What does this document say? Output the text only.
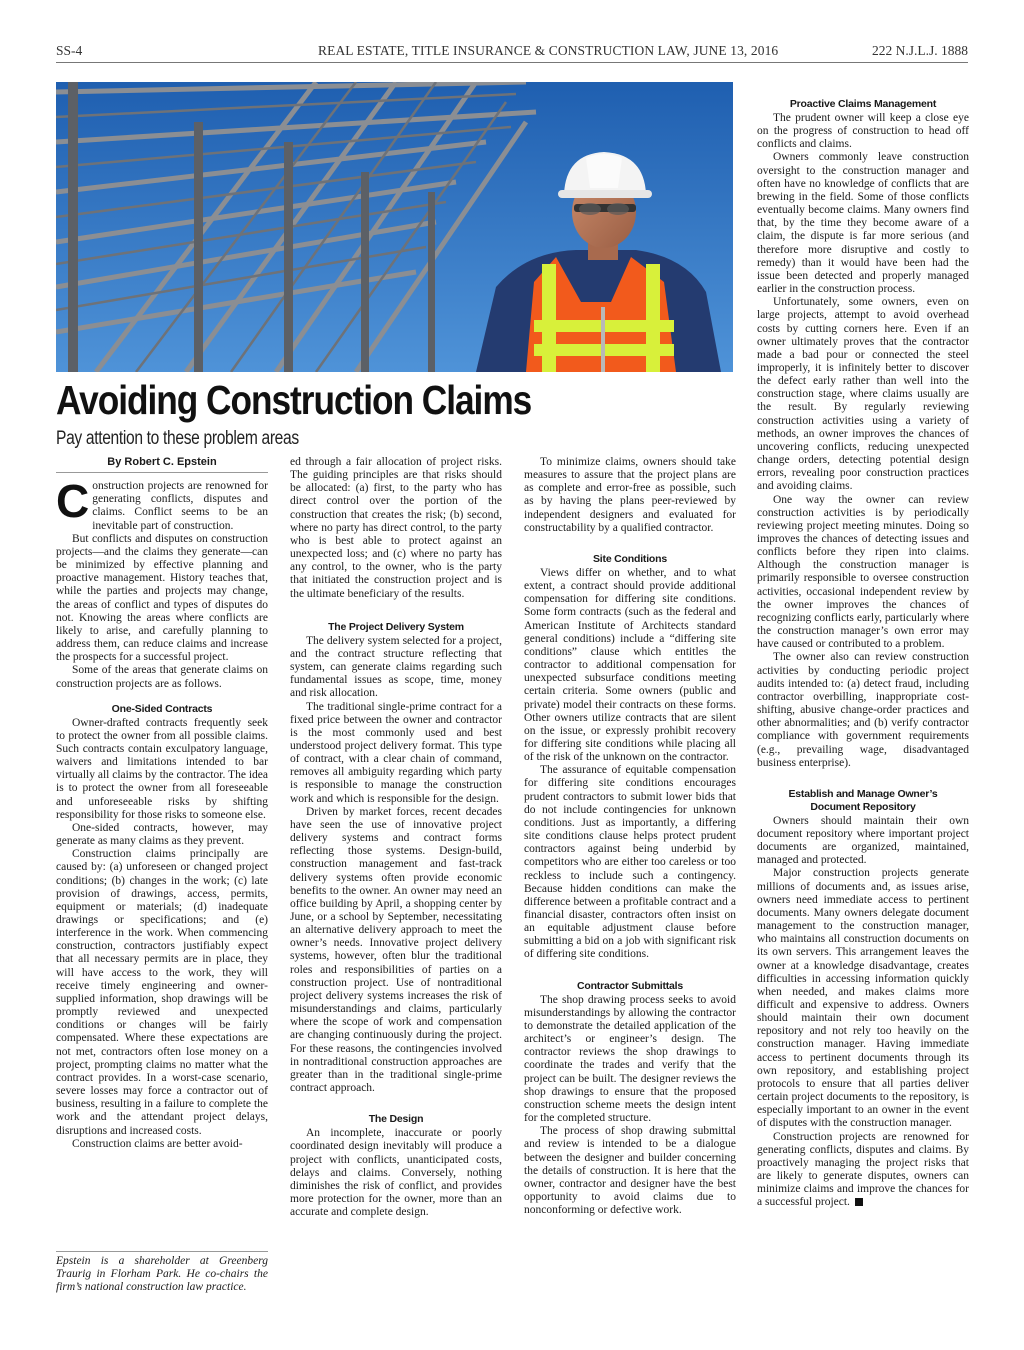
SS-4	REAL ESTATE, TITLE INSURANCE & CONSTRUCTION LAW, JUNE 13, 2016	222 N.J.L.J. 1888
Avoiding Construction Claims
Pay attention to these problem areas
By Robert C. Epstein

Construction projects are renowned for generating conflicts, disputes and claims. Conflict seems to be an inevitable part of construction.

But conflicts and disputes on construction projects—and the claims they generate—can be minimized by effective planning and proactive management. History teaches that, while the parties and projects may change, the areas of conflict and types of disputes do not. Knowing the areas where conflicts are likely to arise, and carefully planning to address them, can reduce claims and increase the prospects for a successful project.

Some of the areas that generate claims on construction projects are as follows.

One-Sided Contracts

Owner-drafted contracts frequently seek to protect the owner from all possible claims. Such contracts contain exculpatory language, waivers and limitations intended to bar virtually all claims by the contractor. The idea is to protect the owner from all foreseeable and unforeseeable risks by shifting responsibility for those risks to someone else.

One-sided contracts, however, may generate as many claims as they prevent.

Construction claims principally are caused by: (a) unforeseen or changed project conditions; (b) changes in the work; (c) late provision of drawings, access, permits, equipment or materials; (d) inadequate drawings or specifications; and (e) interference in the work. When commencing construction, contractors justifiably expect that all necessary permits are in place, they will have access to the work, they will receive timely engineering and owner-supplied information, shop drawings will be promptly reviewed and unexpected conditions or changes will be fairly compensated. Where these expectations are not met, contractors often lose money on a project, prompting claims no matter what the contract provides. In a worst-case scenario, severe losses may force a contractor out of business, resulting in a failure to complete the work and the attendant project delays, disruptions and increased costs.

Construction claims are better avoid-

Epstein is a shareholder at Greenberg Traurig in Florham Park. He co-chairs the firm’s national construction law practice.

ed through a fair allocation of project risks. The guiding principles are that risks should be allocated: (a) first, to the party who has direct control over the portion of the construction that creates the risk; (b) second, where no party has direct control, to the party who is best able to protect against an unexpected loss; and (c) where no party has any control, to the owner, who is the party that initiated the construction project and is the ultimate beneficiary of the results.

The Project Delivery System

The delivery system selected for a project, and the contract structure reflecting that system, can generate claims regarding such fundamental issues as scope, time, money and risk allocation.

The traditional single-prime contract for a fixed price between the owner and contractor is the most commonly used and best understood project delivery format. This type of contract, with a clear chain of command, removes all ambiguity regarding which party is responsible to manage the construction work and which is responsible for the design.

Driven by market forces, recent decades have seen the use of innovative project delivery systems and contract forms reflecting those systems. Design-build, construction management and fast-track delivery systems often provide economic benefits to the owner. An owner may need an office building by April, a shopping center by June, or a school by September, necessitating an alternative delivery approach to meet the owner’s needs. Innovative project delivery systems, however, often blur the traditional roles and responsibilities of parties on a construction project. Use of nontraditional project delivery systems increases the risk of misunderstandings and claims, particularly where the scope of work and compensation are changing continuously during the project. For these reasons, the contingencies involved in nontraditional construction approaches are greater than in the traditional single-prime contract approach.

The Design

An incomplete, inaccurate or poorly coordinated design inevitably will produce a project with conflicts, unanticipated costs, delays and claims. Conversely, nothing diminishes the risk of conflict, and provides more protection for the owner, more than an accurate and complete design.

To minimize claims, owners should take measures to assure that the project plans are as complete and error-free as possible, such as by having the plans peer-reviewed by independent designers and evaluated for constructability by a qualified contractor.

Site Conditions

Views differ on whether, and to what extent, a contract should provide additional compensation for differing site conditions. Some form contracts (such as the federal and American Institute of Architects standard general conditions) include a “differing site conditions” clause which entitles the contractor to additional compensation for unexpected subsurface conditions meeting certain criteria. Some owners (public and private) model their contracts on these forms. Other owners utilize contracts that are silent on the issue, or expressly prohibit recovery for differing site conditions while placing all of the risk of the unknown on the contractor.

The assurance of equitable compensation for differing site conditions encourages prudent contractors to submit lower bids that do not include contingencies for unknown conditions. Just as importantly, a differing site conditions clause helps protect prudent contractors against being underbid by competitors who are either too careless or too reckless to include such a contingency. Because hidden conditions can make the difference between a profitable contract and a financial disaster, contractors often insist on an equitable adjustment clause before submitting a bid on a job with significant risk of differing site conditions.

Contractor Submittals

The shop drawing process seeks to avoid misunderstandings by allowing the contractor to demonstrate the detailed application of the architect’s or engineer’s design. The contractor reviews the shop drawings to coordinate the trades and verify that the project can be built. The designer reviews the shop drawings to ensure that the proposed construction scheme meets the design intent for the completed structure.

The process of shop drawing submittal and review is intended to be a dialogue between the designer and builder concerning the details of construction. It is here that the owner, contractor and designer have the best opportunity to avoid claims due to nonconforming or defective work.

Proactive Claims Management

The prudent owner will keep a close eye on the progress of construction to head off conflicts and claims.

Owners commonly leave construction oversight to the construction manager and often have no knowledge of conflicts that are brewing in the field. Some of those conflicts eventually become claims. Many owners find that, by the time they become aware of a claim, the dispute is far more serious (and therefore more disruptive and costly to remedy) than it would have been had the issue been detected and properly managed earlier in the construction process.

Unfortunately, some owners, even on large projects, attempt to avoid overhead costs by cutting corners here. Even if an owner ultimately proves that the contractor made a bad pour or connected the steel improperly, it is infinitely better to discover the defect early rather than well into the construction stage, where claims usually are the result. By regularly reviewing construction activities using a variety of methods, an owner improves the chances of uncovering conflicts, reducing unexpected change orders, detecting potential design errors, revealing poor construction practices and avoiding claims.

One way the owner can review construction activities is by periodically reviewing project meeting minutes. Doing so improves the chances of detecting issues and conflicts before they ripen into claims. Although the construction manager is primarily responsible to oversee construction activities, occasional independent review by the owner improves the chances of recognizing conflicts early, particularly where the construction manager’s own error may have caused or contributed to a problem.

The owner also can review construction activities by conducting periodic project audits intended to: (a) detect fraud, including contractor overbilling, inappropriate cost-shifting, abusive change-order practices and other abnormalities; and (b) verify contractor compliance with government requirements (e.g., prevailing wage, disadvantaged business enterprise).

Establish and Manage Owner’s Document Repository

Owners should maintain their own document repository where important project documents are organized, maintained, managed and protected.

Major construction projects generate millions of documents and, as issues arise, owners need immediate access to pertinent documents. Many owners delegate document management to the construction manager, who maintains all construction documents on its own servers. This arrangement leaves the owner at a knowledge disadvantage, creates difficulties in accessing information quickly when needed, and makes claims more difficult and expensive to address. Owners should maintain their own document repository and not rely too heavily on the construction manager. Having immediate access to pertinent documents through its own repository, and establishing project protocols to ensure that all parties deliver certain project documents to the repository, is especially important to an owner in the event of disputes with the construction manager.

Construction projects are renowned for generating conflicts, disputes and claims. By proactively managing the project risks that are likely to generate disputes, owners can minimize claims and improve the chances for a successful project.
